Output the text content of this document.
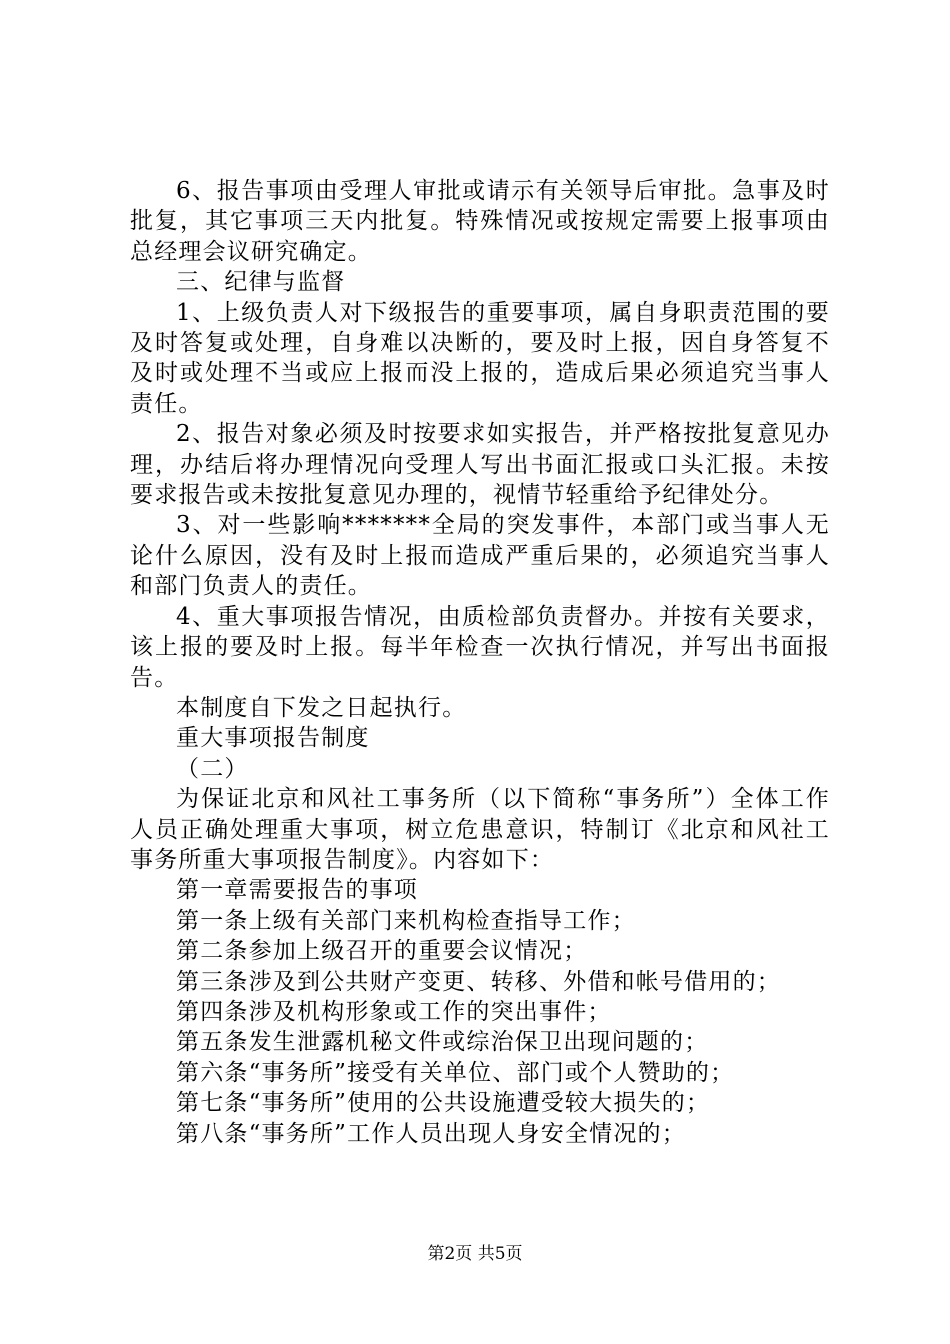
6、报告事项由受理人审批或请示有关领导后审批。急事及时批复，其它事项三天内批复。特殊情况或按规定需要上报事项由总经理会议研究确定。

三、纪律与监督

1、上级负责人对下级报告的重要事项，属自身职责范围的要及时答复或处理，自身难以决断的，要及时上报，因自身答复不及时或处理不当或应上报而没上报的，造成后果必须追究当事人责任。

2、报告对象必须及时按要求如实报告，并严格按批复意见办理，办结后将办理情况向受理人写出书面汇报或口头汇报。未按要求报告或未按批复意见办理的，视情节轻重给予纪律处分。

3、对一些影响*******全局的突发事件，本部门或当事人无论什么原因，没有及时上报而造成严重后果的，必须追究当事人和部门负责人的责任。

4、重大事项报告情况，由质检部负责督办。并按有关要求，该上报的要及时上报。每半年检查一次执行情况，并写出书面报告。

本制度自下发之日起执行。

重大事项报告制度

（二）

为保证北京和风社工事务所（以下简称“事务所”）全体工作人员正确处理重大事项，树立危患意识，特制订《北京和风社工事务所重大事项报告制度》。内容如下：

第一章需要报告的事项

第一条上级有关部门来机构检查指导工作；

第二条参加上级召开的重要会议情况；

第三条涉及到公共财产变更、转移、外借和帐号借用的；

第四条涉及机构形象或工作的突出事件；

第五条发生泄露机秘文件或综治保卫出现问题的；

第六条“事务所”接受有关单位、部门或个人赞助的；

第七条“事务所”使用的公共设施遭受较大损失的；

第八条“事务所”工作人员出现人身安全情况的；

第2页 共5页
